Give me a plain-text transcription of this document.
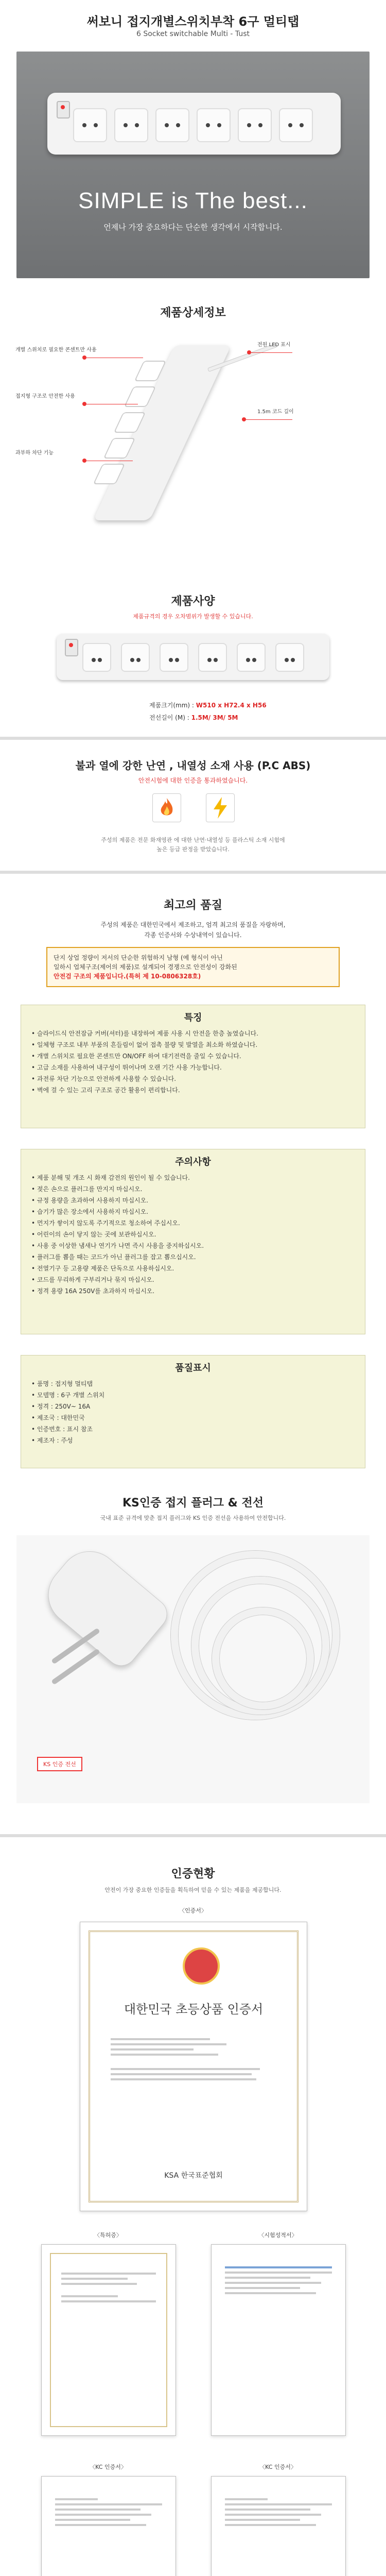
써보니 접지개별스위치부착 6구 멀티탭
6 Socket switchable Multi - Tust
SIMPLE is The best...
언제나 가장 중요하다는 단순한 생각에서 시작합니다.
제품상세정보
개별 스위치로 필요한 콘센트만 사용
전원 LED 표시
접지형 구조로 안전한 사용
1.5m 코드 길이
과부하 차단 기능
제품사양
제품규격의 경우 오차범위가 발생할 수 있습니다.
제품크기(mm) : W510 x H72.4 x H56
전선길이 (M) : 1.5M/ 3M/ 5M
불과 열에 강한 난연 , 내열성 소재 사용 (P.C ABS)
안전시험에 대한 인증을 통과하였습니다.
주성의 제품은 전문 화재영관 에 대한 난연·내열성 등 플라스틱 소재 시험에
높은 등급 판정을 받았습니다.
최고의 품질
주성의 제품은 대한민국에서 제조하고, 엄격 최고의 품질을 자랑하며,
각종 인증서와 수상내역이 있습니다.
단지 상업 정량이 저서의 단순한 위험하지 남형 (예 형식이 아닌
일하시 업체구조(제어의 제품)로 설계되어 경쟁으로 안전성이 강화된
안전검 구조의 제품입니다.(특허 제 10-0806328호)
특징
• 슬라이드식 안전잠금 커버(셔터)를 내장하여 제품 사용 시 안전을 한층 높였습니다.
• 일체형 구조로 내부 부품의 흔들림이 없어 접촉 불량 및 발열을 최소화 하였습니다.
• 개별 스위치로 필요한 콘센트만 ON/OFF 하여 대기전력을 줄일 수 있습니다.
• 고급 소재를 사용하여 내구성이 뛰어나며 오랜 기간 사용 가능합니다.
• 과전류 차단 기능으로 안전하게 사용할 수 있습니다.
• 벽에 걸 수 있는 고리 구조로 공간 활용이 편리합니다.
주의사항
• 제품 분해 및 개조 시 화재 감전의 원인이 될 수 있습니다.
• 젖은 손으로 플러그를 만지지 마십시오.
• 규정 용량을 초과하여 사용하지 마십시오.
• 습기가 많은 장소에서 사용하지 마십시오.
• 먼지가 쌓이지 않도록 주기적으로 청소하여 주십시오.
• 어린이의 손이 닿지 않는 곳에 보관하십시오.
• 사용 중 이상한 냄새나 연기가 나면 즉시 사용을 중지하십시오.
• 플러그를 뽑을 때는 코드가 아닌 플러그를 잡고 뽑으십시오.
• 전열기구 등 고용량 제품은 단독으로 사용하십시오.
• 코드를 무리하게 구부리거나 묶지 마십시오.
• 정격 용량 16A 250V를 초과하지 마십시오.
품질표시
• 품명 : 접지형 멀티탭
• 모델명 : 6구 개별 스위치
• 정격 : 250V~ 16A
• 제조국 : 대한민국
• 인증번호 : 표시 참조
• 제조자 : 주성
KS인증 접지 플러그 & 전선
국내 표준 규격에 맞춘 접지 플러그와 KS 인증 전선을 사용하여 안전합니다.
KS 인증 전선
인증현황
안전이 가장 중요한 인증들을 획득하여 믿을 수 있는 제품을 제공합니다.
〈인증서〉
대한민국 초등상품 인증서
KSA 한국표준협회
〈특허증〉	〈시험성적서〉
〈KC 인증서〉	〈KC 인증서〉
